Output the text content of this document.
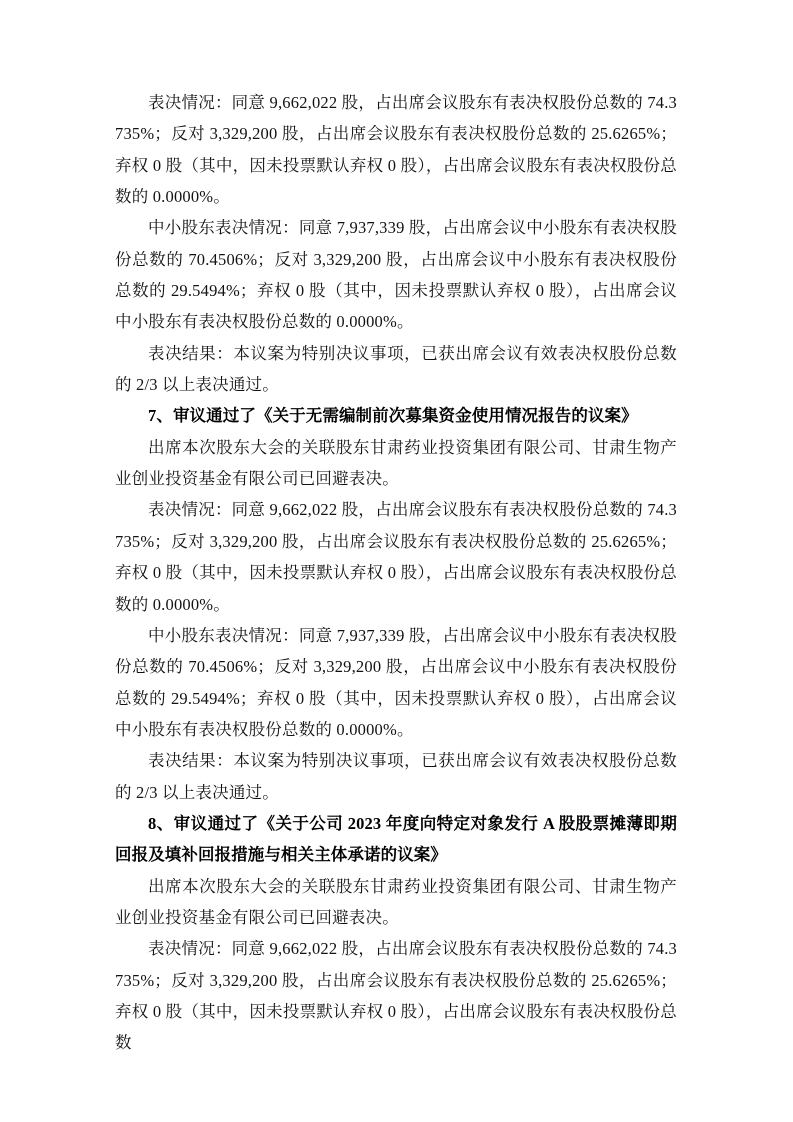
表决情况：同意 9,662,022 股，占出席会议股东有表决权股份总数的 74.3735%；反对 3,329,200 股，占出席会议股东有表决权股份总数的 25.6265%；弃权 0 股（其中，因未投票默认弃权 0 股），占出席会议股东有表决权股份总数的 0.0000%。

中小股东表决情况：同意 7,937,339 股，占出席会议中小股东有表决权股份总数的 70.4506%；反对 3,329,200 股，占出席会议中小股东有表决权股份总数的 29.5494%；弃权 0 股（其中，因未投票默认弃权 0 股），占出席会议中小股东有表决权股份总数的 0.0000%。

表决结果：本议案为特别决议事项，已获出席会议有效表决权股份总数的 2/3 以上表决通过。

7、审议通过了《关于无需编制前次募集资金使用情况报告的议案》

出席本次股东大会的关联股东甘肃药业投资集团有限公司、甘肃生物产业创业投资基金有限公司已回避表决。

表决情况：同意 9,662,022 股，占出席会议股东有表决权股份总数的 74.3735%；反对 3,329,200 股，占出席会议股东有表决权股份总数的 25.6265%；弃权 0 股（其中，因未投票默认弃权 0 股），占出席会议股东有表决权股份总数的 0.0000%。

中小股东表决情况：同意 7,937,339 股，占出席会议中小股东有表决权股份总数的 70.4506%；反对 3,329,200 股，占出席会议中小股东有表决权股份总数的 29.5494%；弃权 0 股（其中，因未投票默认弃权 0 股），占出席会议中小股东有表决权股份总数的 0.0000%。

表决结果：本议案为特别决议事项，已获出席会议有效表决权股份总数的 2/3 以上表决通过。

8、审议通过了《关于公司 2023 年度向特定对象发行 A 股股票摊薄即期回报及填补回报措施与相关主体承诺的议案》

出席本次股东大会的关联股东甘肃药业投资集团有限公司、甘肃生物产业创业投资基金有限公司已回避表决。

表决情况：同意 9,662,022 股，占出席会议股东有表决权股份总数的 74.3735%；反对 3,329,200 股，占出席会议股东有表决权股份总数的 25.6265%；弃权 0 股（其中，因未投票默认弃权 0 股），占出席会议股东有表决权股份总数
